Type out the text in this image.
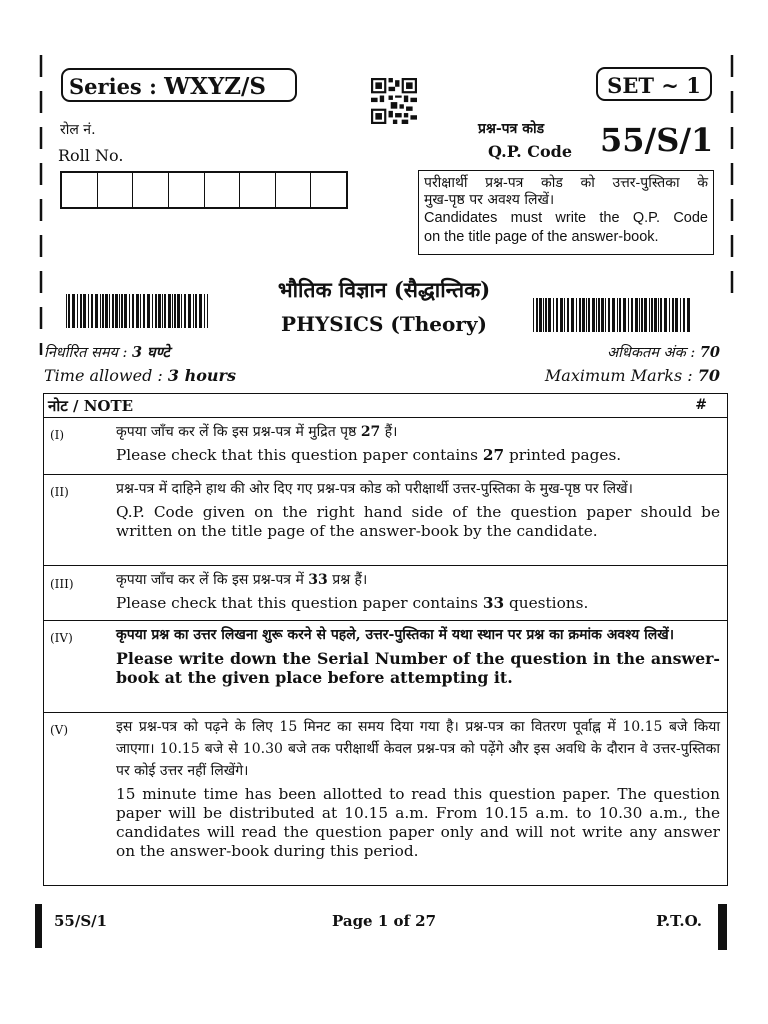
Series : WXYZ/S	SET ~ 1
रोल नं.
Roll No.
प्रश्न-पत्र कोड
Q.P. Code 55/S/1
परीक्षार्थी प्रश्न-पत्र कोड को उत्तर-पुस्तिका के
मुख-पृष्ठ पर अवश्य लिखें।
Candidates must write the Q.P. Code
on the title page of the answer-book.
भौतिक विज्ञान (सैद्धान्तिक)
PHYSICS (Theory)
निर्धारित समय : 3 घण्टे
Time allowed : 3 hours
अधिकतम अंक : 70
Maximum Marks : 70
नोट / NOTE	#
(I)	कृपया जाँच कर लें कि इस प्रश्न-पत्र में मुद्रित पृष्ठ 27 हैं।
Please check that this question paper contains 27 printed pages.
(II)	प्रश्न-पत्र में दाहिने हाथ की ओर दिए गए प्रश्न-पत्र कोड को परीक्षार्थी उत्तर-पुस्तिका के मुख-पृष्ठ पर लिखें।
Q.P. Code given on the right hand side of the question paper should be written on the title page of the answer-book by the candidate.
(III)	कृपया जाँच कर लें कि इस प्रश्न-पत्र में 33 प्रश्न हैं।
Please check that this question paper contains 33 questions.
(IV)	कृपया प्रश्न का उत्तर लिखना शुरू करने से पहले, उत्तर-पुस्तिका में यथा स्थान पर प्रश्न का क्रमांक अवश्य लिखें।
Please write down the Serial Number of the question in the answer-book at the given place before attempting it.
(V)	इस प्रश्न-पत्र को पढ़ने के लिए 15 मिनट का समय दिया गया है। प्रश्न-पत्र का वितरण पूर्वाह्न में 10.15 बजे किया जाएगा। 10.15 बजे से 10.30 बजे तक परीक्षार्थी केवल प्रश्न-पत्र को पढ़ेंगे और इस अवधि के दौरान वे उत्तर-पुस्तिका पर कोई उत्तर नहीं लिखेंगे।
15 minute time has been allotted to read this question paper. The question paper will be distributed at 10.15 a.m. From 10.15 a.m. to 10.30 a.m., the candidates will read the question paper only and will not write any answer on the answer-book during this period.
55/S/1	Page 1 of 27	P.T.O.
